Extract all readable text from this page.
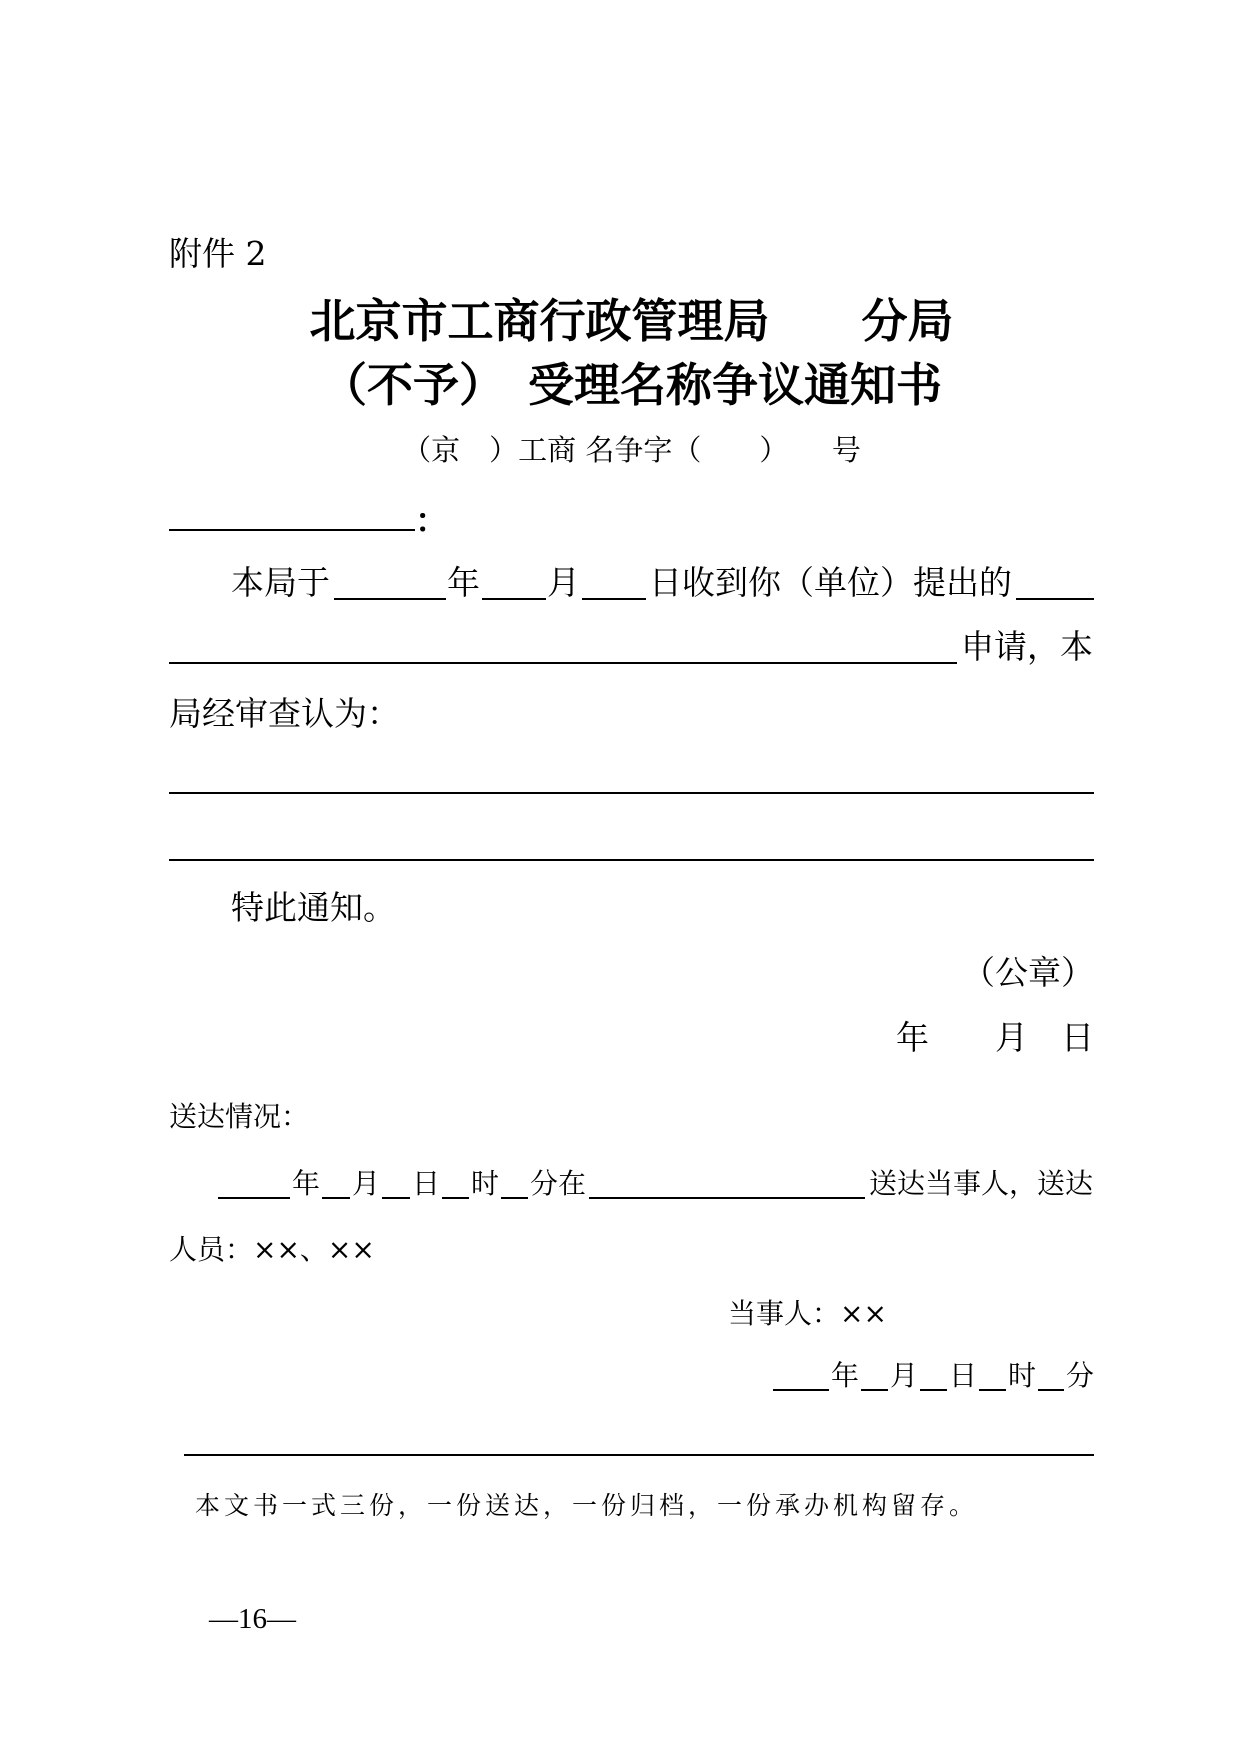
附件 2
北京市工商行政管理局　　分局
（不予）　受理名称争议通知书
（京　）工商 名争字（　　）　　号
：
本局于	年 月 日收到你（单位）提出的
申请，本
局经审查认为：
特此通知。
（公章）
年　　月　日
送达情况：
年 月 日 时 分在	送达当事人，送达
人员：××、××
当事人：××
年 月 日 时 分
本文书一式三份，一份送达，一份归档，一份承办机构留存。
—16—
